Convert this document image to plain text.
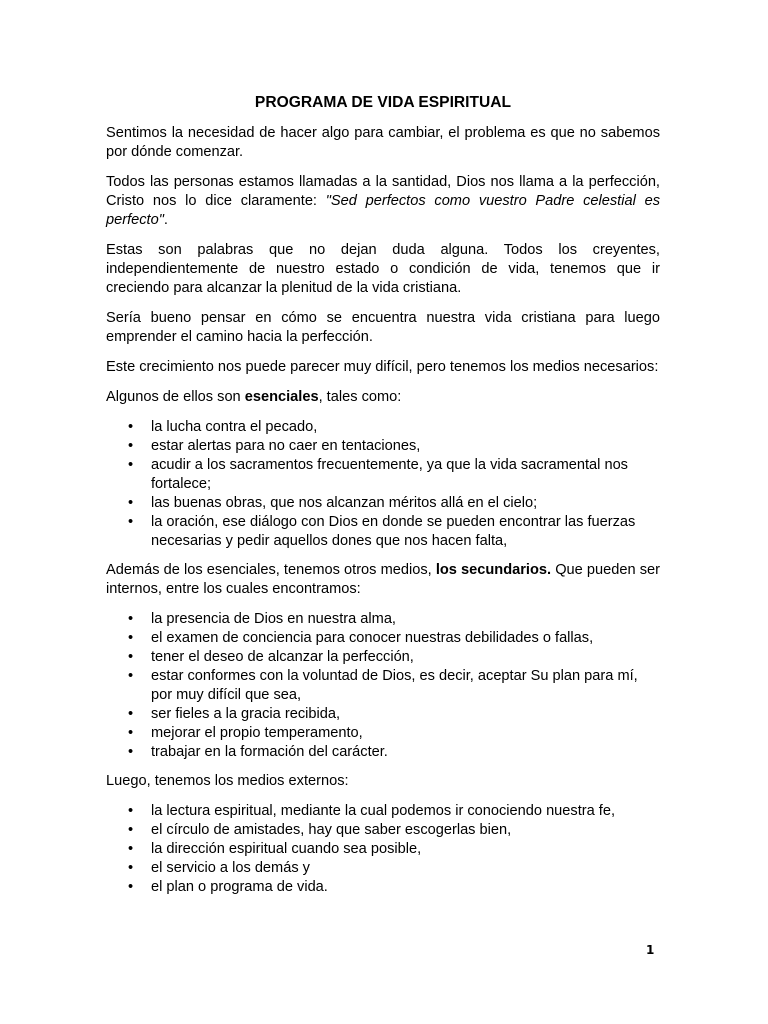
PROGRAMA DE VIDA ESPIRITUAL

Sentimos la necesidad de hacer algo para cambiar, el problema es que no sabemos por dónde comenzar.

Todos las personas estamos llamadas a la santidad, Dios nos llama a la perfección, Cristo nos lo dice claramente: "Sed perfectos como vuestro Padre celestial es perfecto".

Estas son palabras que no dejan duda alguna. Todos los creyentes, independientemente de nuestro estado o condición de vida, tenemos que ir creciendo para alcanzar la plenitud de la vida cristiana.

Sería bueno pensar en cómo se encuentra nuestra vida cristiana para luego emprender el camino hacia la perfección.

Este crecimiento nos puede parecer muy difícil, pero tenemos los medios necesarios:

Algunos de ellos son esenciales, tales como:

• la lucha contra el pecado,
• estar alertas para no caer en tentaciones,
• acudir a los sacramentos frecuentemente, ya que la vida sacramental nos fortalece;
• las buenas obras, que nos alcanzan méritos allá en el cielo;
• la oración, ese diálogo con Dios en donde se pueden encontrar las fuerzas necesarias y pedir aquellos dones que nos hacen falta,

Además de los esenciales, tenemos otros medios, los secundarios. Que pueden ser internos, entre los cuales encontramos:

• la presencia de Dios en nuestra alma,
• el examen de conciencia para conocer nuestras debilidades o fallas,
• tener el deseo de alcanzar la perfección,
• estar conformes con la voluntad de Dios, es decir, aceptar Su plan para mí, por muy difícil que sea,
• ser fieles a la gracia recibida,
• mejorar el propio temperamento,
• trabajar en la formación del carácter.

Luego, tenemos los medios externos:

• la lectura espiritual, mediante la cual podemos ir conociendo nuestra fe,
• el círculo de amistades, hay que saber escogerlas bien,
• la dirección espiritual cuando sea posible,
• el servicio a los demás y
• el plan o programa de vida.
1
